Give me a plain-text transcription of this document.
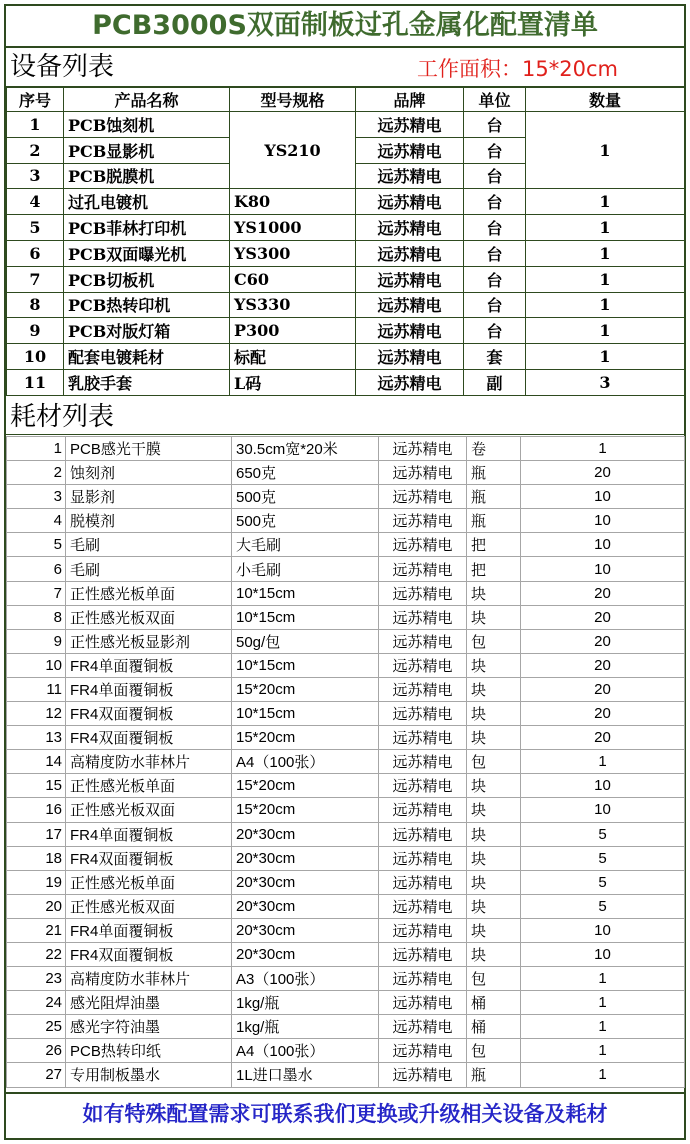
PCB3000S双面制板过孔金属化配置清单
设备列表	工作面积：15*20cm
序号	产品名称	型号规格	品牌	单位	数量
1	PCB蚀刻机	YS210	远苏精电	台	1
2	PCB显影机		远苏精电	台	
3	PCB脱膜机		远苏精电	台	
4	过孔电镀机	K80	远苏精电	台	1
5	PCB菲林打印机	YS1000	远苏精电	台	1
6	PCB双面曝光机	YS300	远苏精电	台	1
7	PCB切板机	C60	远苏精电	台	1
8	PCB热转印机	YS330	远苏精电	台	1
9	PCB对版灯箱	P300	远苏精电	台	1
10	配套电镀耗材	标配	远苏精电	套	1
11	乳胶手套	L码	远苏精电	副	3
耗材列表
1	PCB感光干膜	30.5cm宽*20米	远苏精电	卷	1
2	蚀刻剂	650克	远苏精电	瓶	20
3	显影剂	500克	远苏精电	瓶	10
4	脱模剂	500克	远苏精电	瓶	10
5	毛刷	大毛刷	远苏精电	把	10
6	毛刷	小毛刷	远苏精电	把	10
7	正性感光板单面	10*15cm	远苏精电	块	20
8	正性感光板双面	10*15cm	远苏精电	块	20
9	正性感光板显影剂	50g/包	远苏精电	包	20
10	FR4单面覆铜板	10*15cm	远苏精电	块	20
11	FR4单面覆铜板	15*20cm	远苏精电	块	20
12	FR4双面覆铜板	10*15cm	远苏精电	块	20
13	FR4双面覆铜板	15*20cm	远苏精电	块	20
14	高精度防水菲林片	A4（100张）	远苏精电	包	1
15	正性感光板单面	15*20cm	远苏精电	块	10
16	正性感光板双面	15*20cm	远苏精电	块	10
17	FR4单面覆铜板	20*30cm	远苏精电	块	5
18	FR4双面覆铜板	20*30cm	远苏精电	块	5
19	正性感光板单面	20*30cm	远苏精电	块	5
20	正性感光板双面	20*30cm	远苏精电	块	5
21	FR4单面覆铜板	20*30cm	远苏精电	块	10
22	FR4双面覆铜板	20*30cm	远苏精电	块	10
23	高精度防水菲林片	A3（100张）	远苏精电	包	1
24	感光阻焊油墨	1kg/瓶	远苏精电	桶	1
25	感光字符油墨	1kg/瓶	远苏精电	桶	1
26	PCB热转印纸	A4（100张）	远苏精电	包	1
27	专用制板墨水	1L进口墨水	远苏精电	瓶	1
如有特殊配置需求可联系我们更换或升级相关设备及耗材
